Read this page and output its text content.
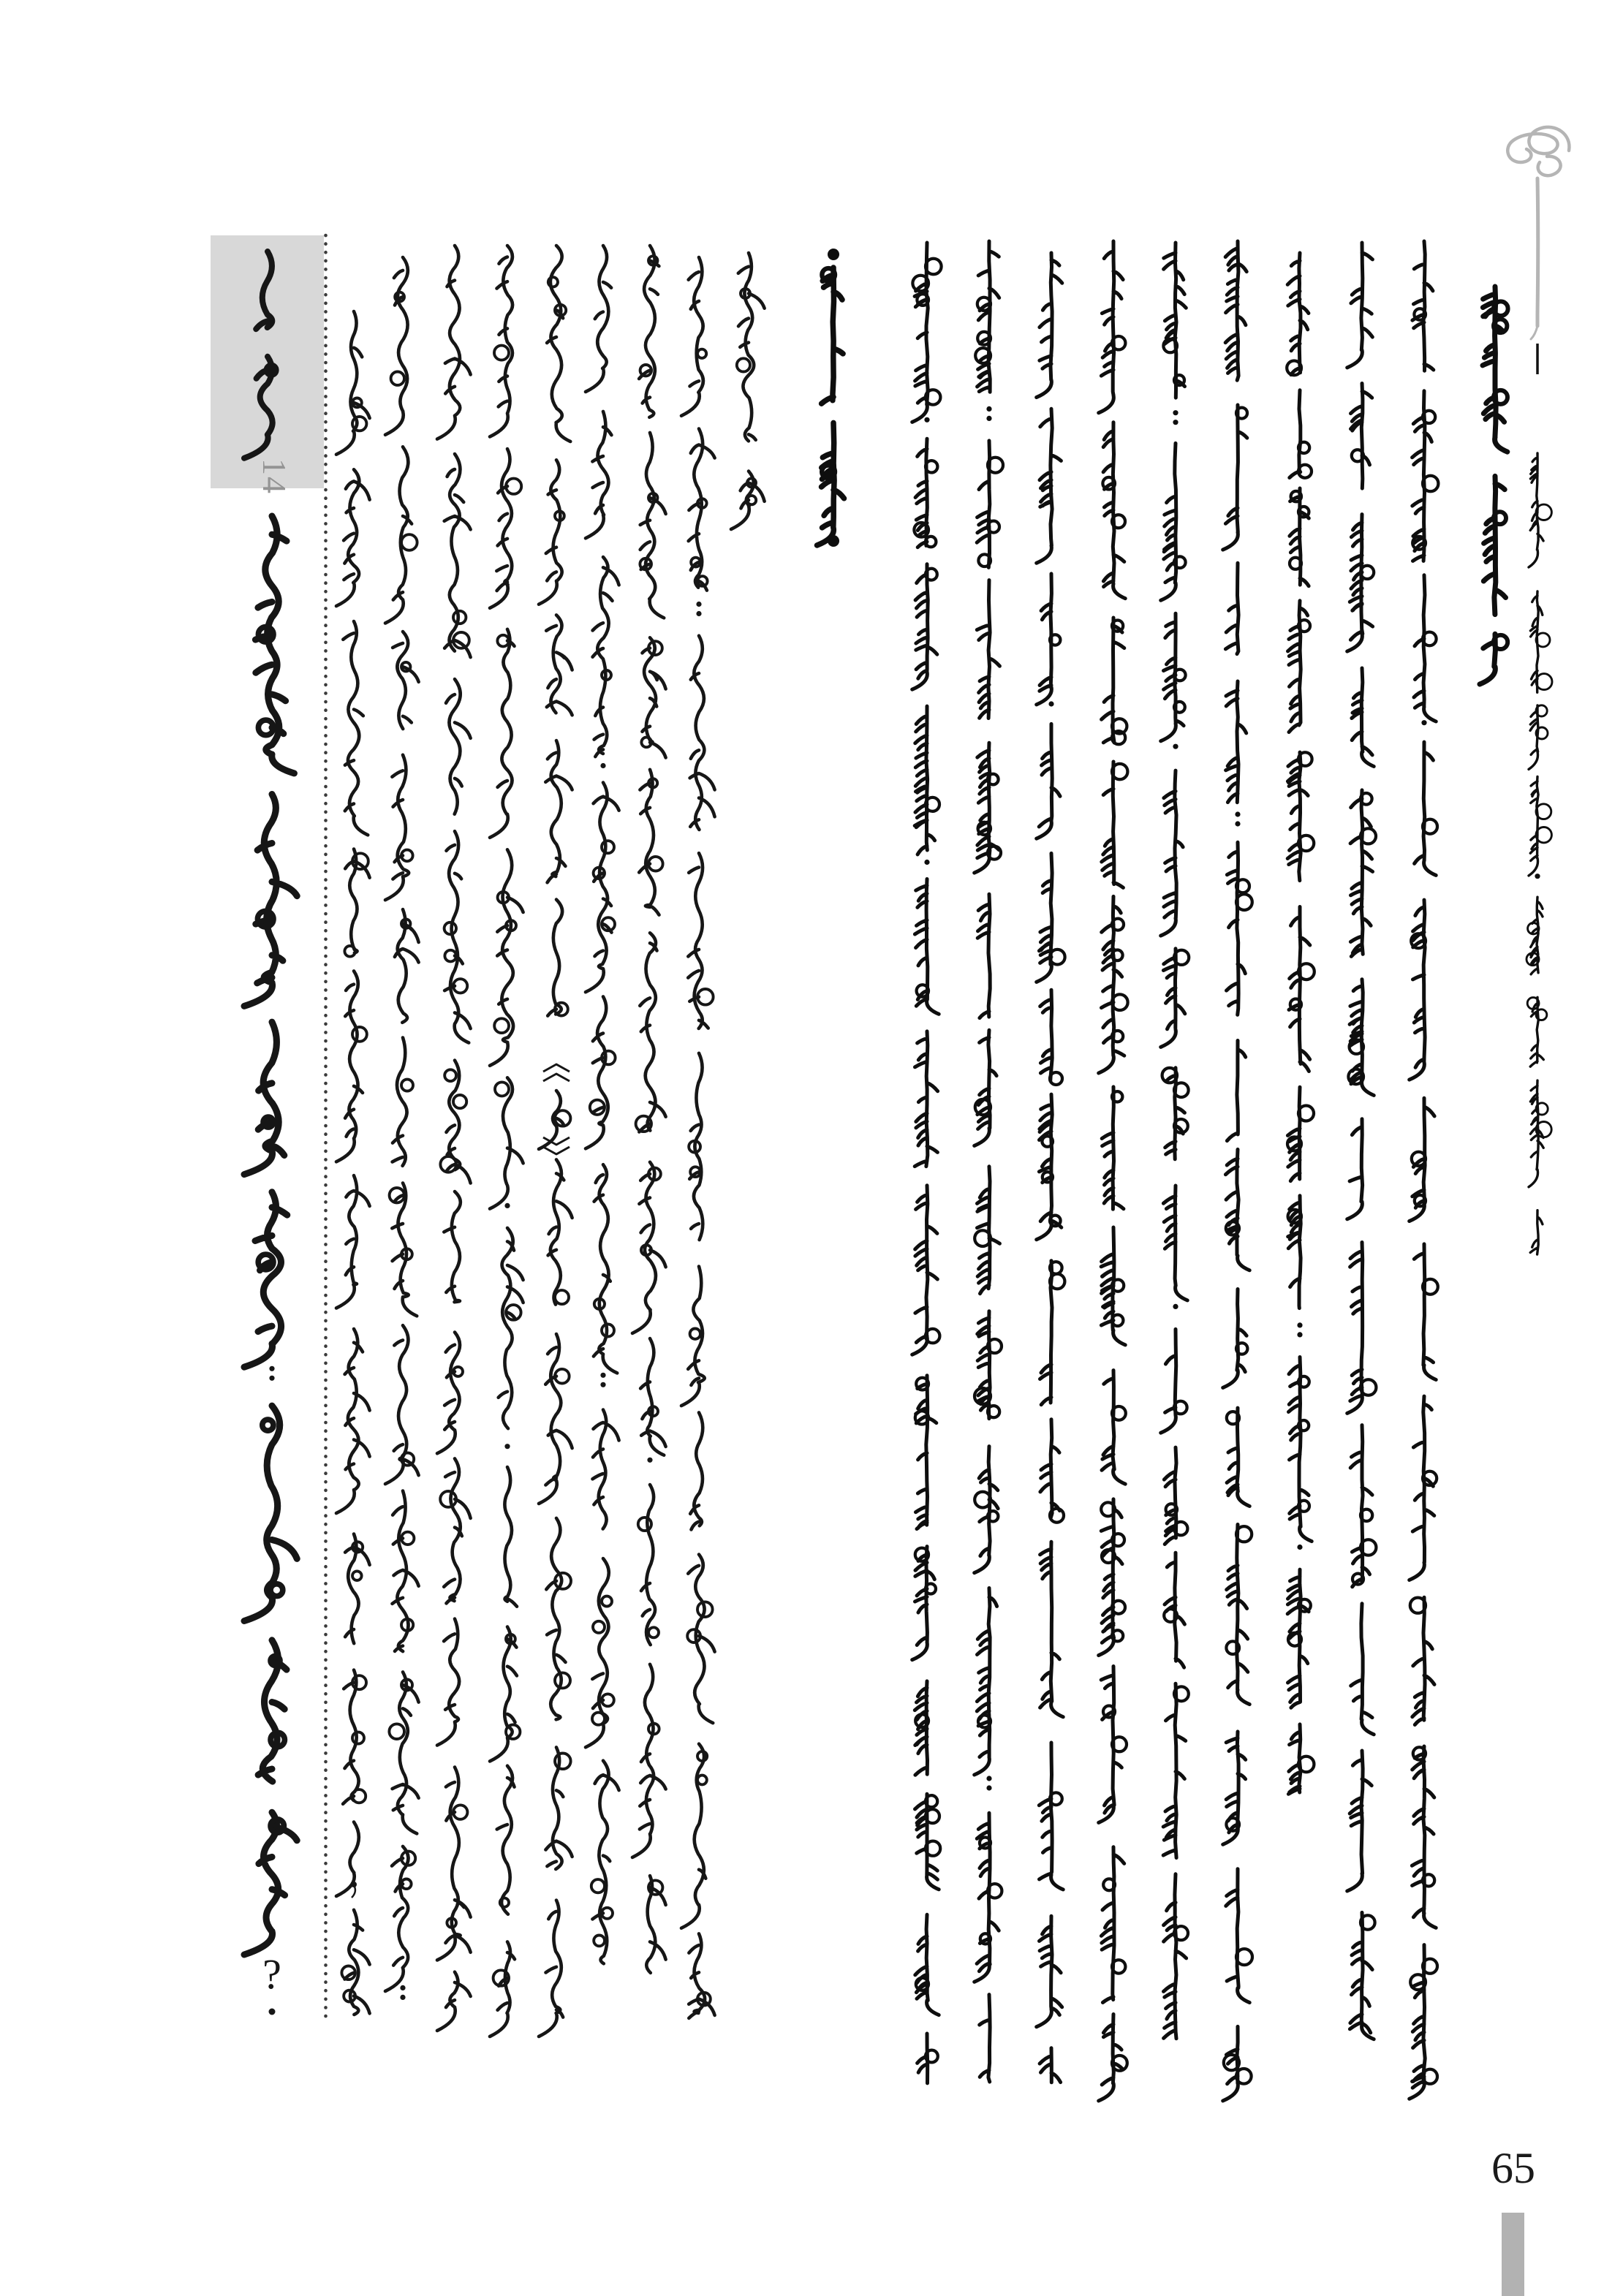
14
?
65
